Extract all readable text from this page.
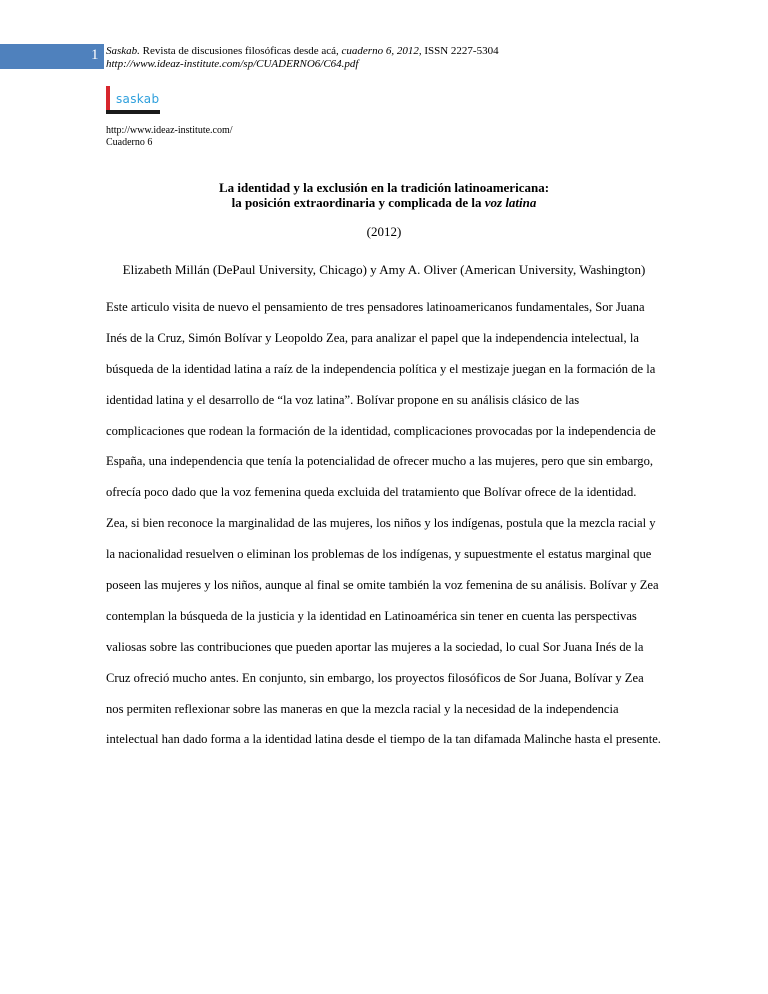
1 Saskab. Revista de discusiones filosóficas desde acá, cuaderno 6, 2012, ISSN 2227-5304
http://www.ideaz-institute.com/sp/CUADERNO6/C64.pdf
saskab
http://www.ideaz-institute.com/
Cuaderno 6
La identidad y la exclusión en la tradición latinoamericana:
la posición extraordinaria y complicada de la voz latina
(2012)
Elizabeth Millán (DePaul University, Chicago) y Amy A. Oliver (American University, Washington)
Este articulo visita de nuevo el pensamiento de tres pensadores latinoamericanos fundamentales, Sor Juana
Inés de la Cruz, Simón Bolívar y Leopoldo Zea, para analizar el papel que la independencia intelectual, la
búsqueda de la identidad latina a raíz de la independencia política y el mestizaje juegan en la formación de la
identidad latina y el desarrollo de “la voz latina”. Bolívar propone en su análisis clásico de las
complicaciones que rodean la formación de la identidad, complicaciones provocadas por la independencia de
España, una independencia que tenía la potencialidad de ofrecer mucho a las mujeres, pero que sin embargo,
ofrecía poco dado que la voz femenina queda excluida del tratamiento que Bolívar ofrece de la identidad.
Zea, si bien reconoce la marginalidad de las mujeres, los niños y los indígenas, postula que la mezcla racial y
la nacionalidad resuelven o eliminan los problemas de los indígenas, y supuestmente el estatus marginal que
poseen las mujeres y los niños, aunque al final se omite también la voz femenina de su análisis. Bolívar y Zea
contemplan la búsqueda de la justicia y la identidad en Latinoamérica sin tener en cuenta las perspectivas
valiosas sobre las contribuciones que pueden aportar las mujeres a la sociedad, lo cual Sor Juana Inés de la
Cruz ofreció mucho antes. En conjunto, sin embargo, los proyectos filosóficos de Sor Juana, Bolívar y Zea
nos permiten reflexionar sobre las maneras en que la mezcla racial y la necesidad de la independencia
intelectual han dado forma a la identidad latina desde el tiempo de la tan difamada Malinche hasta el presente.
